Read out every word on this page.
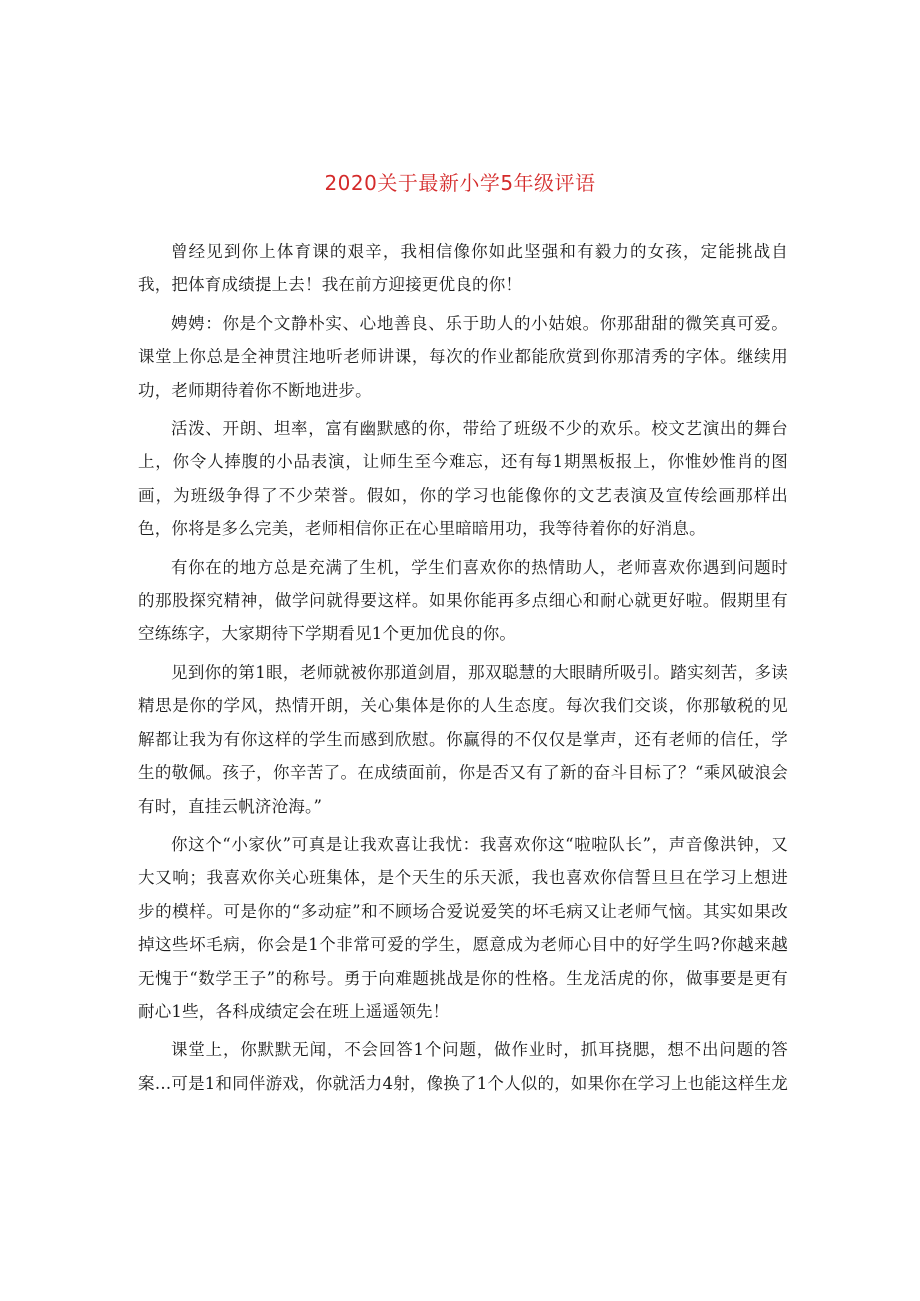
2020关于最新小学5年级评语

曾经见到你上体育课的艰辛，我相信像你如此坚强和有毅力的女孩，定能挑战自我，把体育成绩提上去！我在前方迎接更优良的你！

娉娉：你是个文静朴实、心地善良、乐于助人的小姑娘。你那甜甜的微笑真可爱。课堂上你总是全神贯注地听老师讲课，每次的作业都能欣赏到你那清秀的字体。继续用功，老师期待着你不断地进步。

活泼、开朗、坦率，富有幽默感的你，带给了班级不少的欢乐。校文艺演出的舞台上，你令人捧腹的小品表演，让师生至今难忘，还有每1期黑板报上，你惟妙惟肖的图画，为班级争得了不少荣誉。假如，你的学习也能像你的文艺表演及宣传绘画那样出色，你将是多么完美，老师相信你正在心里暗暗用功，我等待着你的好消息。

有你在的地方总是充满了生机，学生们喜欢你的热情助人，老师喜欢你遇到问题时的那股探究精神，做学问就得要这样。如果你能再多点细心和耐心就更好啦。假期里有空练练字，大家期待下学期看见1个更加优良的你。

见到你的第1眼，老师就被你那道剑眉，那双聪慧的大眼睛所吸引。踏实刻苦，多读精思是你的学风，热情开朗，关心集体是你的人生态度。每次我们交谈，你那敏税的见解都让我为有你这样的学生而感到欣慰。你赢得的不仅仅是掌声，还有老师的信任，学生的敬佩。孩子，你辛苦了。在成绩面前，你是否又有了新的奋斗目标了？“乘风破浪会有时，直挂云帆济沧海。”

你这个“小家伙”可真是让我欢喜让我忧：我喜欢你这“啦啦队长”，声音像洪钟，又大又响；我喜欢你关心班集体，是个天生的乐天派，我也喜欢你信誓旦旦在学习上想进步的模样。可是你的“多动症”和不顾场合爱说爱笑的坏毛病又让老师气恼。其实如果改掉这些坏毛病，你会是1个非常可爱的学生，愿意成为老师心目中的好学生吗?你越来越无愧于“数学王子”的称号。勇于向难题挑战是你的性格。生龙活虎的你，做事要是更有耐心1些，各科成绩定会在班上遥遥领先！

课堂上，你默默无闻，不会回答1个问题，做作业时，抓耳挠腮，想不出问题的答案…可是1和同伴游戏，你就活力4射，像换了1个人似的，如果你在学习上也能这样生龙
